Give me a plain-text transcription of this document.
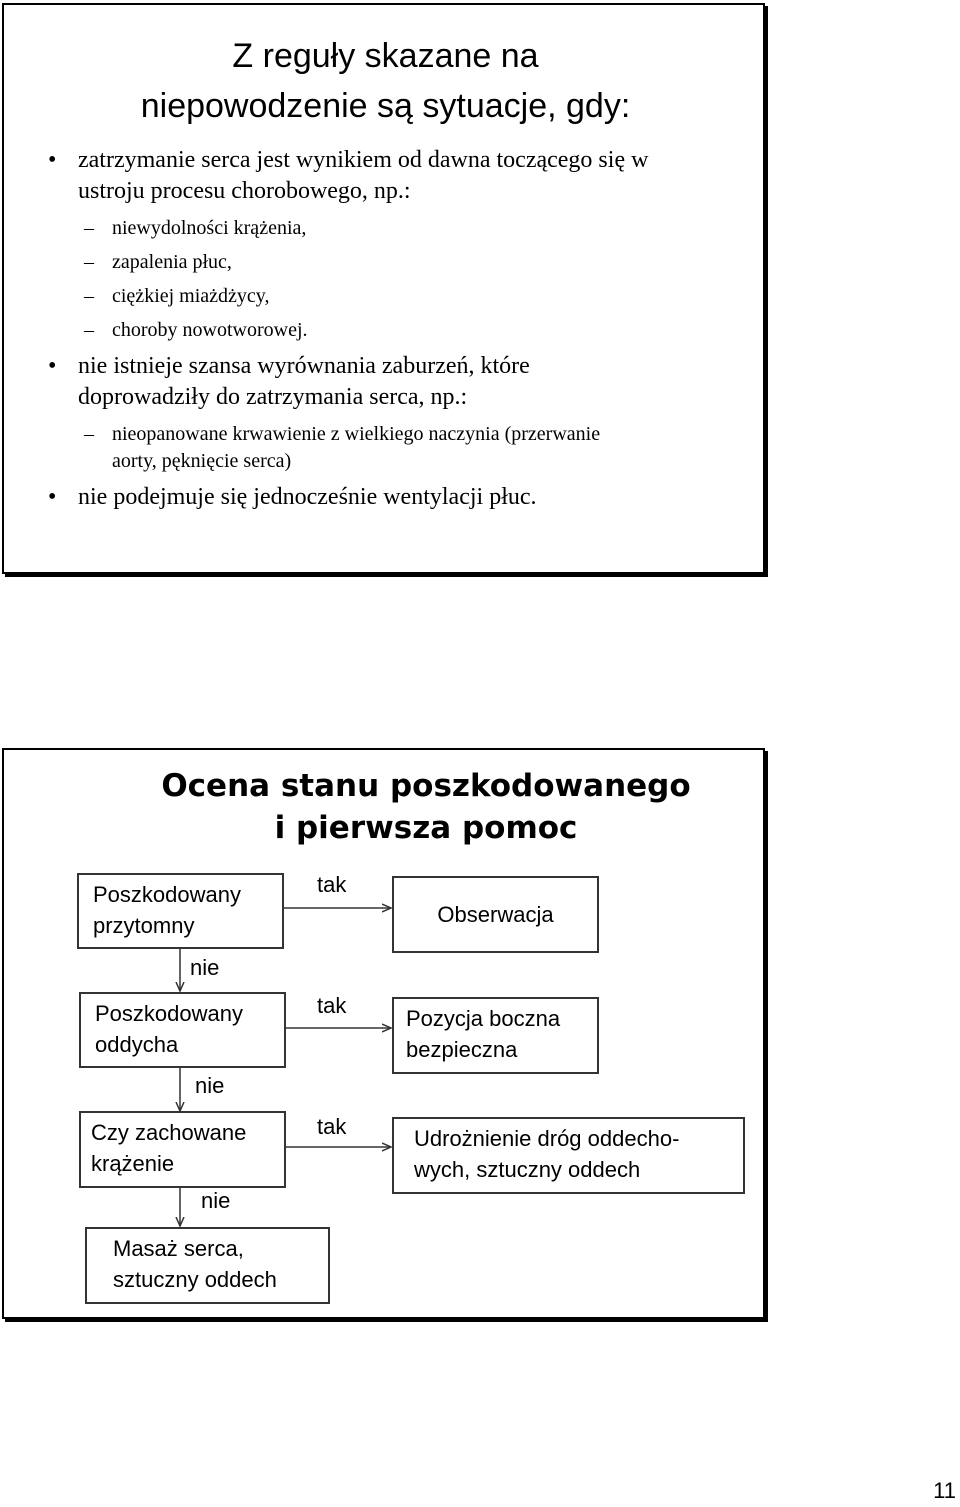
Z reguły skazane na
niepowodzenie są sytuacje, gdy:
• zatrzymanie serca jest wynikiem od dawna toczącego się w ustroju procesu chorobowego, np.:
– niewydolności krążenia,
– zapalenia płuc,
– ciężkiej miażdżycy,
– choroby nowotworowej.
• nie istnieje szansa wyrównania zaburzeń, które doprowadziły do zatrzymania serca, np.:
– nieopanowane krwawienie z wielkiego naczynia (przerwanie aorty, pęknięcie serca)
• nie podejmuje się jednocześnie wentylacji płuc.
Ocena stanu poszkodowanego
i pierwsza pomoc
Poszkodowany przytomny
Poszkodowany oddycha
Czy zachowane krążenie
Masaż serca, sztuczny oddech
Obserwacja
Pozycja boczna bezpieczna
Udrożnienie dróg oddecho-wych, sztuczny oddech
tak
tak
tak
nie
nie
nie
11
